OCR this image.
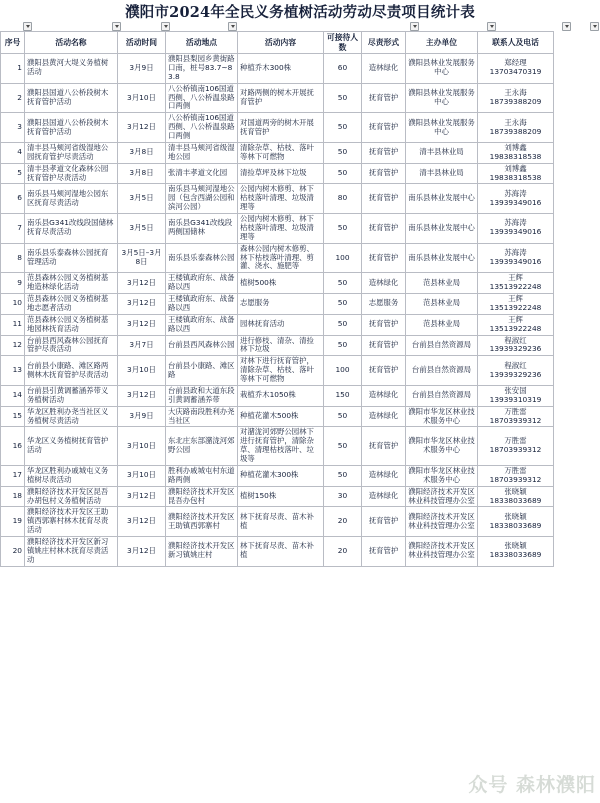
濮阳市2024年全民义务植树活动劳动尽责项目统计表
序号	活动名称	活动时间	活动地点	活动内容	可接待人数	尽责形式	主办单位	联系人及电话
1	濮阳县黄河大堤义务植树活动	3月9日	濮阳县梨园乡黄街路口南，桩号83.7~83.8	种植乔木300株	60	造林绿化	濮阳县林业发展服务中心	郑经理
13703470319

2	濮阳县国道八公桥段树木抚育管护活动	3月10日	八公桥镇南106国道西侧、八公桥温泉路口两侧	对路两侧的树木开展抚育管护	50	抚育管护	濮阳县林业发展服务中心	王永海
18739388209

3	濮阳县国道八公桥段树木抚育管护活动	3月12日	八公桥镇南106国道西侧、八公桥温泉路口两侧	对国道两旁的树木开展抚育管护	50	抚育管护	濮阳县林业发展服务中心	王永海
18739388209

4	清丰县马颊河省级湿地公园抚育管护尽责活动	3月8日	清丰县马颊河省级湿地公园	清除杂草、枯枝、落叶等林下可燃物	50	抚育管护	清丰县林业局	刘博鑫
19838318538

5	清丰县孝道文化森林公园抚育管护尽责活动	3月8日	张清丰孝道文化园	清捡草坪及林下垃圾	50	抚育管护	清丰县林业局	刘博鑫
19838318538

6	南乐县马颊河湿地公园东区抚育尽责活动	3月5日	南乐县马颊河湿地公园（包含西湖公园和滨河公园）	公园内树木修剪、林下枯枝落叶清理、垃圾清理等	80	抚育管护	南乐县林业发展中心	苏海涛
13939349016

7	南乐县G341改线段国储林抚育尽责活动	3月5日	南乐县G341改线段两侧国储林	公园内树木修剪、林下枯枝落叶清理、垃圾清理等	50	抚育管护	南乐县林业发展中心	苏海涛
13939349016

8	南乐县乐泰森林公园抚育管理活动	3月5日–3月8日	南乐县乐泰森林公园	森林公园内树木修剪、林下枯枝落叶清理、剪灌、浇水、施肥等	100	抚育管护	南乐县林业发展中心	苏海涛
13939349016

9	范县森林公园义务植树基地造林绿化活动	3月12日	王楼镇政府东、战备路以西	植树500株	50	造林绿化	范县林业局	王辉
13513922248

10	范县森林公园义务植树基地志愿者活动	3月12日	王楼镇政府东、战备路以西	志愿服务	50	志愿服务	范县林业局	王辉
13513922248

11	范县森林公园义务植树基地园林抚育活动	3月12日	王楼镇政府东、战备路以西	园林抚育活动	50	抚育管护	范县林业局	王辉
13513922248

12	台前县西风森林公园抚育管护尽责活动	3月7日	台前县西风森林公园	进行修枝、清杂、清捡林下垃圾	50	抚育管护	台前县自然资源局	程淑红
13939329236

13	台前县小康路、滩区路两侧林木抚育管护尽责活动	3月10日	台前县小康路、滩区路	对林下进行抚育管护，清除杂草、枯枝、落叶等林下可燃物	100	抚育管护	台前县自然资源局	程淑红
13939329236

14	台前县引黄调蓄涵养带义务植树活动	3月12日	台前县政和大道东段引黄调蓄涵养带	栽植乔木1050株	150	造林绿化	台前县自然资源局	张安国
13939310319

15	华龙区胜利办尧当社区义务植树尽责活动	3月9日	大庆路南段胜利办尧当社区	种植花灌木500株	50	造林绿化	濮阳市华龙区林业技术服务中心	万胜雷
18703939312

16	华龙区义务植树抚育管护活动	3月10日	东北庄东部潴泷河郊野公园	对潴泷河郊野公园林下进行抚育管护，清除杂草、清理枯枝落叶、垃圾等	50	抚育管护	濮阳市华龙区林业技术服务中心	万胜雷
18703939312

17	华龙区胜利办戚城屯义务植树尽责活动	3月10日	胜利办戚城屯村东道路两侧	种植花灌木300株	50	造林绿化	濮阳市华龙区林业技术服务中心	万胜雷
18703939312

18	濮阳经济技术开发区昆吾办胡包村义务植树活动	3月12日	濮阳经济技术开发区昆吾办包村	植树150株	30	造林绿化	濮阳经济技术开发区林业科技管理办公室	张晓颖
18338033689

19	濮阳经济技术开发区王助镇西郭寨村林木抚育尽责活动	3月12日	濮阳经济技术开发区王助镇西郭寨村	林下抚育尽责、苗木补植	20	抚育管护	濮阳经济技术开发区林业科技管理办公室	张晓颖
18338033689

20	濮阳经济技术开发区新习镇姚庄村林木抚育尽责活动	3月12日	濮阳经济技术开发区新习镇姚庄村	林下抚育尽责、苗木补植	20	抚育管护	濮阳经济技术开发区林业科技管理办公室	张晓颖
18338033689
众号 森林濮阳
